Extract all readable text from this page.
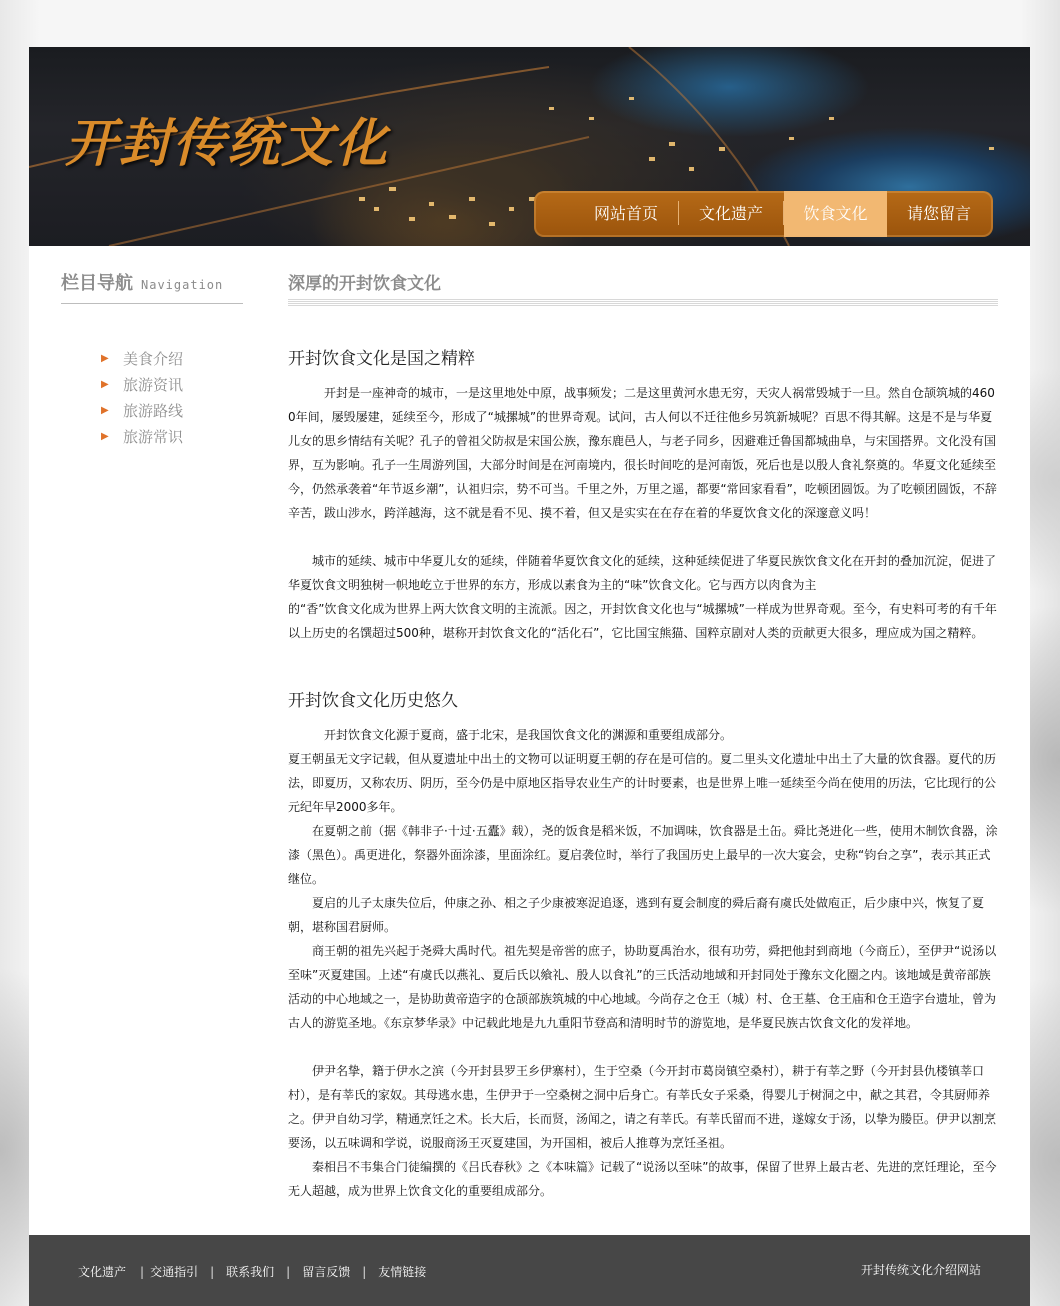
开封传统文化
网站首页	文化遗产	饮食文化	请您留言
栏目导航 Navigation
▶ 美食介绍
▶ 旅游资讯
▶ 旅游路线
▶ 旅游常识
深厚的开封饮食文化
开封饮食文化是国之精粹

　　　开封是一座神奇的城市，一是这里地处中原，战事频发；二是这里黄河水患无穷，天灾人祸常毁城于一旦。然自仓颉筑城的4600年间，屡毁屡建，延续至今，形成了“城摞城”的世界奇观。试问，古人何以不迁往他乡另筑新城呢？百思不得其解。这是不是与华夏儿女的思乡情结有关呢？孔子的曾祖父防叔是宋国公族，豫东鹿邑人，与老子同乡，因避难迁鲁国都城曲阜，与宋国搭界。文化没有国界，互为影响。孔子一生周游列国，大部分时间是在河南境内，很长时间吃的是河南饭，死后也是以殷人食礼祭奠的。华夏文化延续至今，仍然承袭着“年节返乡潮”，认祖归宗，势不可当。千里之外，万里之遥，都要“常回家看看”，吃顿团圆饭。为了吃顿团圆饭，不辞辛苦，跋山涉水，跨洋越海，这不就是看不见、摸不着，但又是实实在在存在着的华夏饮食文化的深邃意义吗！

　　城市的延续、城市中华夏儿女的延续，伴随着华夏饮食文化的延续，这种延续促进了华夏民族饮食文化在开封的叠加沉淀，促进了华夏饮食文明独树一帜地屹立于世界的东方，形成以素食为主的“味”饮食文化。它与西方以肉食为主
的“香”饮食文化成为世界上两大饮食文明的主流派。因之，开封饮食文化也与“城摞城”一样成为世界奇观。至今，有史料可考的有千年以上历史的名馔超过500种，堪称开封饮食文化的“活化石”，它比国宝熊猫、国粹京剧对人类的贡献更大很多，理应成为国之精粹。

开封饮食文化历史悠久

　　　开封饮食文化源于夏商，盛于北宋，是我国饮食文化的渊源和重要组成部分。
夏王朝虽无文字记载，但从夏遗址中出土的文物可以证明夏王朝的存在是可信的。夏二里头文化遗址中出土了大量的饮食器。夏代的历法，即夏历，又称农历、阴历，至今仍是中原地区指导农业生产的计时要素，也是世界上唯一延续至今尚在使用的历法，它比现行的公元纪年早2000多年。

　　在夏朝之前（据《韩非子·十过·五蠹》载），尧的饭食是稻米饭，不加调味，饮食器是土缶。舜比尧进化一些，使用木制饮食器，涂漆（黑色）。禹更进化，祭器外面涂漆，里面涂红。夏启袭位时，举行了我国历史上最早的一次大宴会，史称“钧台之享”，表示其正式继位。

　　夏启的儿子太康失位后，仲康之孙、相之子少康被寒浞追逐，逃到有夏会制度的舜后裔有虞氏处做庖正，后少康中兴，恢复了夏朝，堪称国君厨师。

　　商王朝的祖先兴起于尧舜大禹时代。祖先契是帝喾的庶子，协助夏禹治水，很有功劳，舜把他封到商地（今商丘），至伊尹“说汤以至味”灭夏建国。上述“有虞氏以燕礼、夏后氏以飨礼、殷人以食礼”的三氏活动地域和开封同处于豫东文化圈之内。该地域是黄帝部族活动的中心地域之一，是协助黄帝造字的仓颉部族筑城的中心地域。今尚存之仓王（城）村、仓王墓、仓王庙和仓王造字台遗址，曾为古人的游览圣地。《东京梦华录》中记载此地是九九重阳节登高和清明时节的游览地，是华夏民族古饮食文化的发祥地。

　　伊尹名挚，籍于伊水之滨（今开封县罗王乡伊寨村），生于空桑（今开封市葛岗镇空桑村），耕于有莘之野（今开封县仇楼镇莘口村），是有莘氏的家奴。其母逃水患，生伊尹于一空桑树之洞中后身亡。有莘氏女子采桑，得婴儿于树洞之中，献之其君，令其厨师养之。伊尹自幼习学，精通烹饪之术。长大后，长而贤，汤闻之，请之有莘氏。有莘氏留而不进，遂嫁女于汤，以挚为媵臣。伊尹以割烹要汤，以五味调和学说，说服商汤王灭夏建国，为开国相，被后人推尊为烹饪圣祖。

　　秦相吕不韦集合门徒编撰的《吕氏春秋》之《本味篇》记载了“说汤以至味”的故事，保留了世界上最古老、先进的烹饪理论，至今无人超越，成为世界上饮食文化的重要组成部分。

文化遗产 | 交通指引 | 联系我们 | 留言反馈 | 友情链接	开封传统文化介绍网站
